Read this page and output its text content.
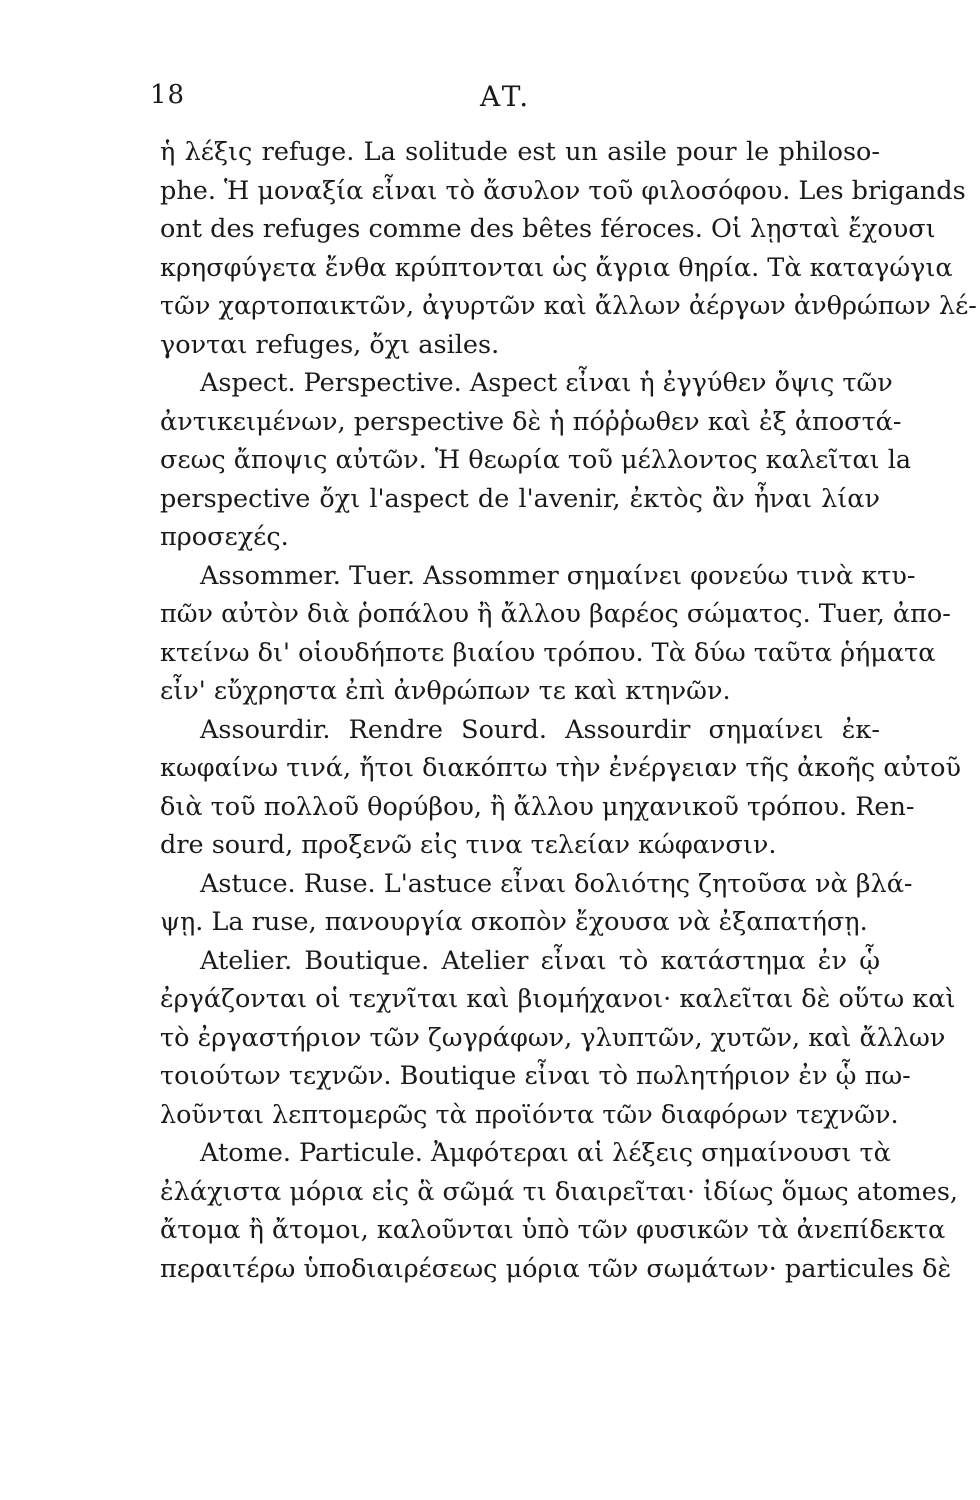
18	AT.
ἡ λέξις refuge. La solitude est un asile pour le philoso-
phe. Ἡ μοναξία εἶναι τὸ ἄσυλον τοῦ φιλοσόφου. Les brigands
ont des refuges comme des bêtes féroces. Οἱ λῃσταὶ ἔχουσι
κρησφύγετα ἔνθα κρύπτονται ὡς ἄγρια θηρία. Τὰ καταγώγια
τῶν χαρτοπαικτῶν, ἀγυρτῶν καὶ ἄλλων ἀέργων ἀνθρώπων λέ-
γονται refuges, ὄχι asiles.
Aspect. Perspective. Aspect εἶναι ἡ ἐγγύθεν ὄψις τῶν
ἀντικειμένων, perspective δὲ ἡ πόῤῥωθεν καὶ ἐξ ἀποστά-
σεως ἄποψις αὐτῶν. Ἡ θεωρία τοῦ μέλλοντος καλεῖται la
perspective ὄχι l'aspect de l'avenir, ἐκτὸς ἂν ἦναι λίαν
προσεχές.
Assommer. Tuer. Assommer σημαίνει φονεύω τινὰ κτυ-
πῶν αὐτὸν διὰ ῥοπάλου ἢ ἄλλου βαρέος σώματος. Tuer, ἀπο-
κτείνω δι' οἱουδήποτε βιαίου τρόπου. Τὰ δύω ταῦτα ῥήματα
εἶν' εὔχρηστα ἐπὶ ἀνθρώπων τε καὶ κτηνῶν.
Assourdir. Rendre Sourd. Assourdir σημαίνει ἐκ-
κωφαίνω τινά, ἤτοι διακόπτω τὴν ἐνέργειαν τῆς ἀκοῆς αὐτοῦ
διὰ τοῦ πολλοῦ θορύβου, ἢ ἄλλου μηχανικοῦ τρόπου. Ren-
dre sourd, προξενῶ εἰς τινα τελείαν κώφανσιν.
Astuce. Ruse. L'astuce εἶναι δολιότης ζητοῦσα νὰ βλά-
ψῃ. La ruse, πανουργία σκοπὸν ἔχουσα νὰ ἐξαπατήσῃ.
Atelier. Boutique. Atelier εἶναι τὸ κατάστημα ἐν ᾧ
ἐργάζονται οἱ τεχνῖται καὶ βιομήχανοι· καλεῖται δὲ οὕτω καὶ
τὸ ἐργαστήριον τῶν ζωγράφων, γλυπτῶν, χυτῶν, καὶ ἄλλων
τοιούτων τεχνῶν. Boutique εἶναι τὸ πωλητήριον ἐν ᾧ πω-
λοῦνται λεπτομερῶς τὰ προϊόντα τῶν διαφόρων τεχνῶν.
Atome. Particule. Ἀμφότεραι αἱ λέξεις σημαίνουσι τὰ
ἐλάχιστα μόρια εἰς ἃ σῶμά τι διαιρεῖται· ἰδίως ὅμως atomes,
ἄτομα ἢ ἄτομοι, καλοῦνται ὑπὸ τῶν φυσικῶν τὰ ἀνεπίδεκτα
περαιτέρω ὑποδιαιρέσεως μόρια τῶν σωμάτων· particules δὲ
